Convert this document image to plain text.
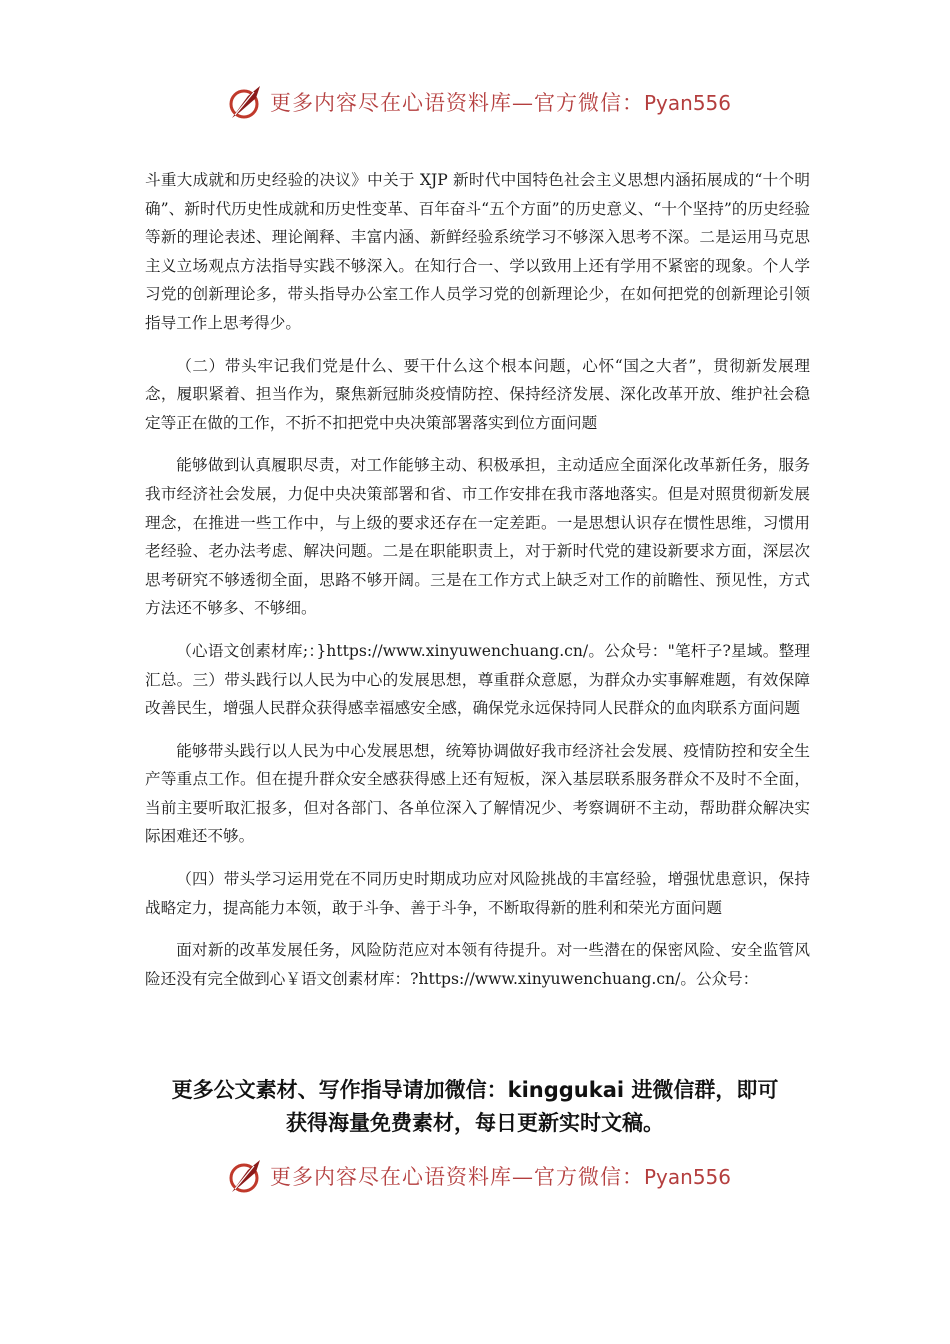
更多内容尽在心语资料库—官方微信：Pyan556

斗重大成就和历史经验的决议》中关于 XJP 新时代中国特色社会主义思想内涵拓展成的“十个明确”、新时代历史性成就和历史性变革、百年奋斗“五个方面”的历史意义、“十个坚持”的历史经验等新的理论表述、理论阐释、丰富内涵、新鲜经验系统学习不够深入思考不深。二是运用马克思主义立场观点方法指导实践不够深入。在知行合一、学以致用上还有学用不紧密的现象。个人学习党的创新理论多，带头指导办公室工作人员学习党的创新理论少，在如何把党的创新理论引领指导工作上思考得少。

（二）带头牢记我们党是什么、要干什么这个根本问题，心怀“国之大者”，贯彻新发展理念，履职紧着、担当作为，聚焦新冠肺炎疫情防控、保持经济发展、深化改革开放、维护社会稳定等正在做的工作，不折不扣把党中央决策部署落实到位方面问题

能够做到认真履职尽责，对工作能够主动、积极承担，主动适应全面深化改革新任务，服务我市经济社会发展，力促中央决策部署和省、市工作安排在我市落地落实。但是对照贯彻新发展理念，在推进一些工作中，与上级的要求还存在一定差距。一是思想认识存在惯性思维，习惯用老经验、老办法考虑、解决问题。二是在职能职责上，对于新时代党的建设新要求方面，深层次思考研究不够透彻全面，思路不够开阔。三是在工作方式上缺乏对工作的前瞻性、预见性，方式方法还不够多、不够细。

（心语文创素材库;：}https://www.xinyuwenchuang.cn/。公众号："笔杆子?星域。整理汇总。三）带头践行以人民为中心的发展思想，尊重群众意愿，为群众办实事解难题，有效保障改善民生，增强人民群众获得感幸福感安全感，确保党永远保持同人民群众的血肉联系方面问题

能够带头践行以人民为中心发展思想，统筹协调做好我市经济社会发展、疫情防控和安全生产等重点工作。但在提升群众安全感获得感上还有短板，深入基层联系服务群众不及时不全面，当前主要听取汇报多，但对各部门、各单位深入了解情况少、考察调研不主动，帮助群众解决实际困难还不够。

（四）带头学习运用党在不同历史时期成功应对风险挑战的丰富经验，增强忧患意识，保持战略定力，提高能力本领，敢于斗争、善于斗争，不断取得新的胜利和荣光方面问题

面对新的改革发展任务，风险防范应对本领有待提升。对一些潜在的保密风险、安全监管风险还没有完全做到心￥语文创素材库：?https://www.xinyuwenchuang.cn/。公众号：

更多公文素材、写作指导请加微信：kinggukai 进微信群，即可
获得海量免费素材，每日更新实时文稿。
更多内容尽在心语资料库—官方微信：Pyan556
